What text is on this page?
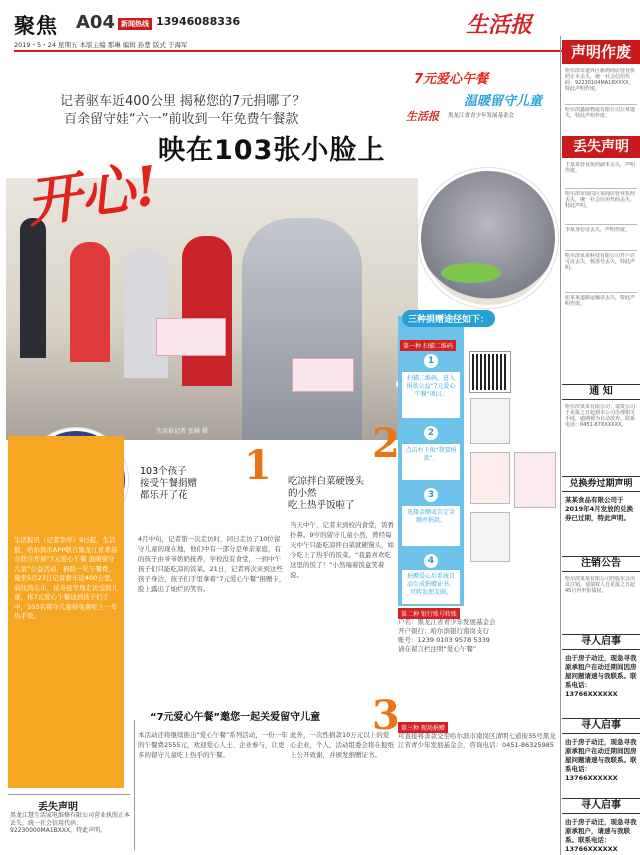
聚焦 A04 新闻热线 13946088336	生活报
2019・5・24 星期五 本版主编 那琳 编辑 孙楚 版式 于海军
7元爱心午餐
温暖留守儿童
生活报 黑龙江省青少年发展基金会
记者驱车近400公里 揭秘您的7元捐哪了？
百余留守娃“六一”前收到一年免费午餐款
映在103张小脸上
生活报记者 张赫 摄
开心!
第一种 扫描二维码
1
扫描二维码，进入捐款公益“7元爱心午餐”项目。
2
点击右下角“我要捐款”。
3
选择金额或自定金额并捐款。
4
捐赠爱心后系统自动生成捐赠证书，可转发朋友圈。
三种捐赠途径如下：
第二种 银行账号转账
户名：黑龙江省青少年发展基金会
开户银行：哈尔滨银行南岗支行
账号：1239 0103 9578 5339
请在留言栏注明“爱心午餐”
第三种 现场捐赠
可直接将善款交至哈尔滨市南岗区清明七道街35号黑龙江省青少年发展基金会，咨询电话：0451-86325985
1
103个孩子
接受午餐捐赠
都乐开了花
2
吃凉拌白菜硬馒头
的小然
吃上热乎饭啦了
3
“7元爱心午餐”邀您一起关爱留守儿童
生活报讯（记者李萍）9日起，生活报、哈尔滨市APP联合黑龙江省青基会联合开展“7元爱心午餐 温暖留守儿童”公益活动，捐助一年午餐费。截至5月23日记者驱车近400公里，前往尚志市、延寿县等地走访受助儿童，将7元爱心午餐送到孩子们手中，103名留守儿童将免费吃上一年热乎饭。
4月中旬，记者第一次走访时，同日走访了10位留守儿童的现在地，他们中有一部分是单亲家庭，有的孩子由爷爷奶奶抚养，学校没有食堂，一到中午孩子们只能吃凉的饭菜。21日，记者再次来到这些孩子身边，孩子们手里拿着“7元爱心午餐”捐赠卡，脸上露出了灿烂的笑容。
当天中午，记者来到校内食堂，饭香扑鼻。9岁的留守儿童小然，曾经每天中午只能吃凉拌白菜就硬馒头，如今吃上了热乎的饭菜。“我最喜欢吃这里的饭了！”小然端着饭盒笑着说。
本活动还将继续推出“爱心午餐”系列活动，一份一年的午餐费2555元，欢迎爱心人士、企业参与，让更多的留守儿童吃上热乎的午餐。
此外，一次性捐款10万元以上的爱心企业，个人，活动组委会将在报纸上公开致谢，并颁发捐赠证书。
丢失声明
黑龙江慧生活家电维修有限公司营业执照正本丢失，统一社会信用代码：92230000MA1BXXX，特此声明。
声明作废
哈尔滨市道外区新鸿商店营业执照正本丢失，统一社会信用代码：92230104MA1BXXXX，特此声明作废。
哈尔滨鑫源物流有限公司公章遗失，特此声明作废。
丢失声明
王某某营业执照副本丢失，声明作废。
哈尔滨市南岗区某商店营业执照丢失，统一社会信用代码丢失，特此声明。
李某身份证丢失，声明作废。
哈尔滨某某科技有限公司开户许可证丢失，核准号丢失，特此声明。
张某某道路运输证丢失，特此声明作废。
通 知
哈尔滨某某有限公司：请贵公司于见报之日起到本公司办理相关手续，逾期视为自动放弃。联系电话：0451-87XXXXXX。
兑换券过期声明
某某食品有限公司于2019年4月发放的兑换券已过期，特此声明。
注销公告
哈尔滨某某有限公司经股东会决议注销，请债权人自见报之日起45日内申报债权。
寻人启事
由于房子动迁，现急寻我原承租户在动迁期间因房屋问题请速与我联系。联系电话：13766XXXXXX
寻人启事
由于房子动迁，现急寻我原承租户在动迁期间因房屋问题请速与我联系。联系电话：13766XXXXXX
寻人启事
由于房子动迁，现急寻我原承租户，请速与我联系。联系电话：13766XXXXXX
